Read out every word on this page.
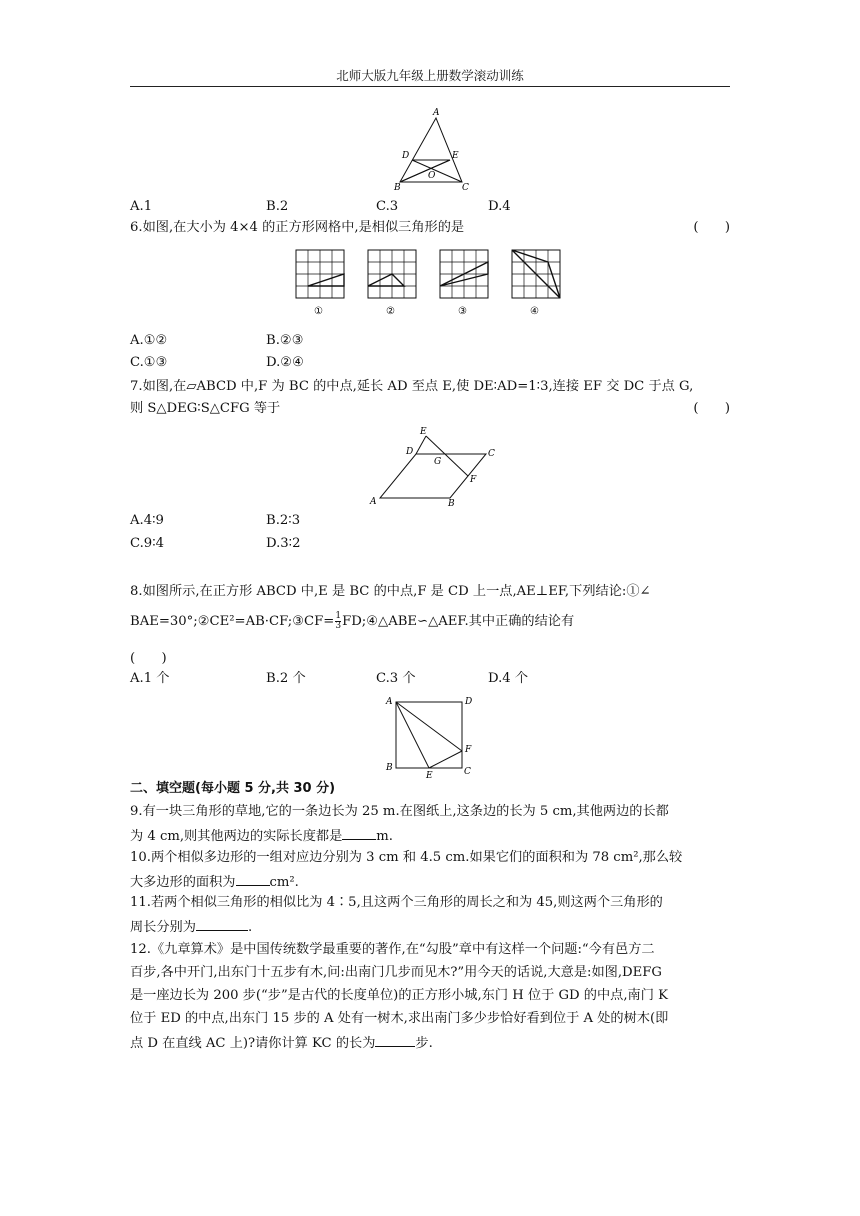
北师大版九年级上册数学滚动训练
A
D	E
O
B	C
A.1	B.2	C.3	D.4
6.如图,在大小为 4×4 的正方形网格中,是相似三角形的是	(　　)
①	②	③	④
A.①②	B.②③
C.①③	D.②④
7.如图,在▱ABCD 中,F 为 BC 的中点,延长 AD 至点 E,使 DE∶AD=1∶3,连接 EF 交 DC 于点 G,
则 S△DEG∶S△CFG 等于	(　　)
E
D
G
C
F
A	B
A.4∶9	B.2∶3
C.9∶4	D.3∶2
8.如图所示,在正方形 ABCD 中,E 是 BC 的中点,F 是 CD 上一点,AE⊥EF,下列结论:①∠
BAE=30°;②CE²=AB·CF;③CF= $\frac{1}{3}$ FD;④△ABE∽△AEF.其中正确的结论有
(　　)
A.1 个	B.2 个	C.3 个	D.4 个
A	D
F
B
E	C
二、填空题(每小题 5 分,共 30 分)
9.有一块三角形的草地,它的一条边长为 25 m.在图纸上,这条边的长为 5 cm,其他两边的长都
为 4 cm,则其他两边的实际长度都是	m.
10.两个相似多边形的一组对应边分别为 3 cm 和 4.5 cm.如果它们的面积和为 78 cm²,那么较
大多边形的面积为	cm².
11.若两个相似三角形的相似比为 4∶5,且这两个三角形的周长之和为 45,则这两个三角形的
周长分别为	.
12.《九章算术》是中国传统数学最重要的著作,在“勾股”章中有这样一个问题:“今有邑方二
百步,各中开门,出东门十五步有木,问:出南门几步而见木?”用今天的话说,大意是:如图,DEFG
是一座边长为 200 步(“步”是古代的长度单位)的正方形小城,东门 H 位于 GD 的中点,南门 K
位于 ED 的中点,出东门 15 步的 A 处有一树木,求出南门多少步恰好看到位于 A 处的树木(即
点 D 在直线 AC 上)?请你计算 KC 的长为	步.
